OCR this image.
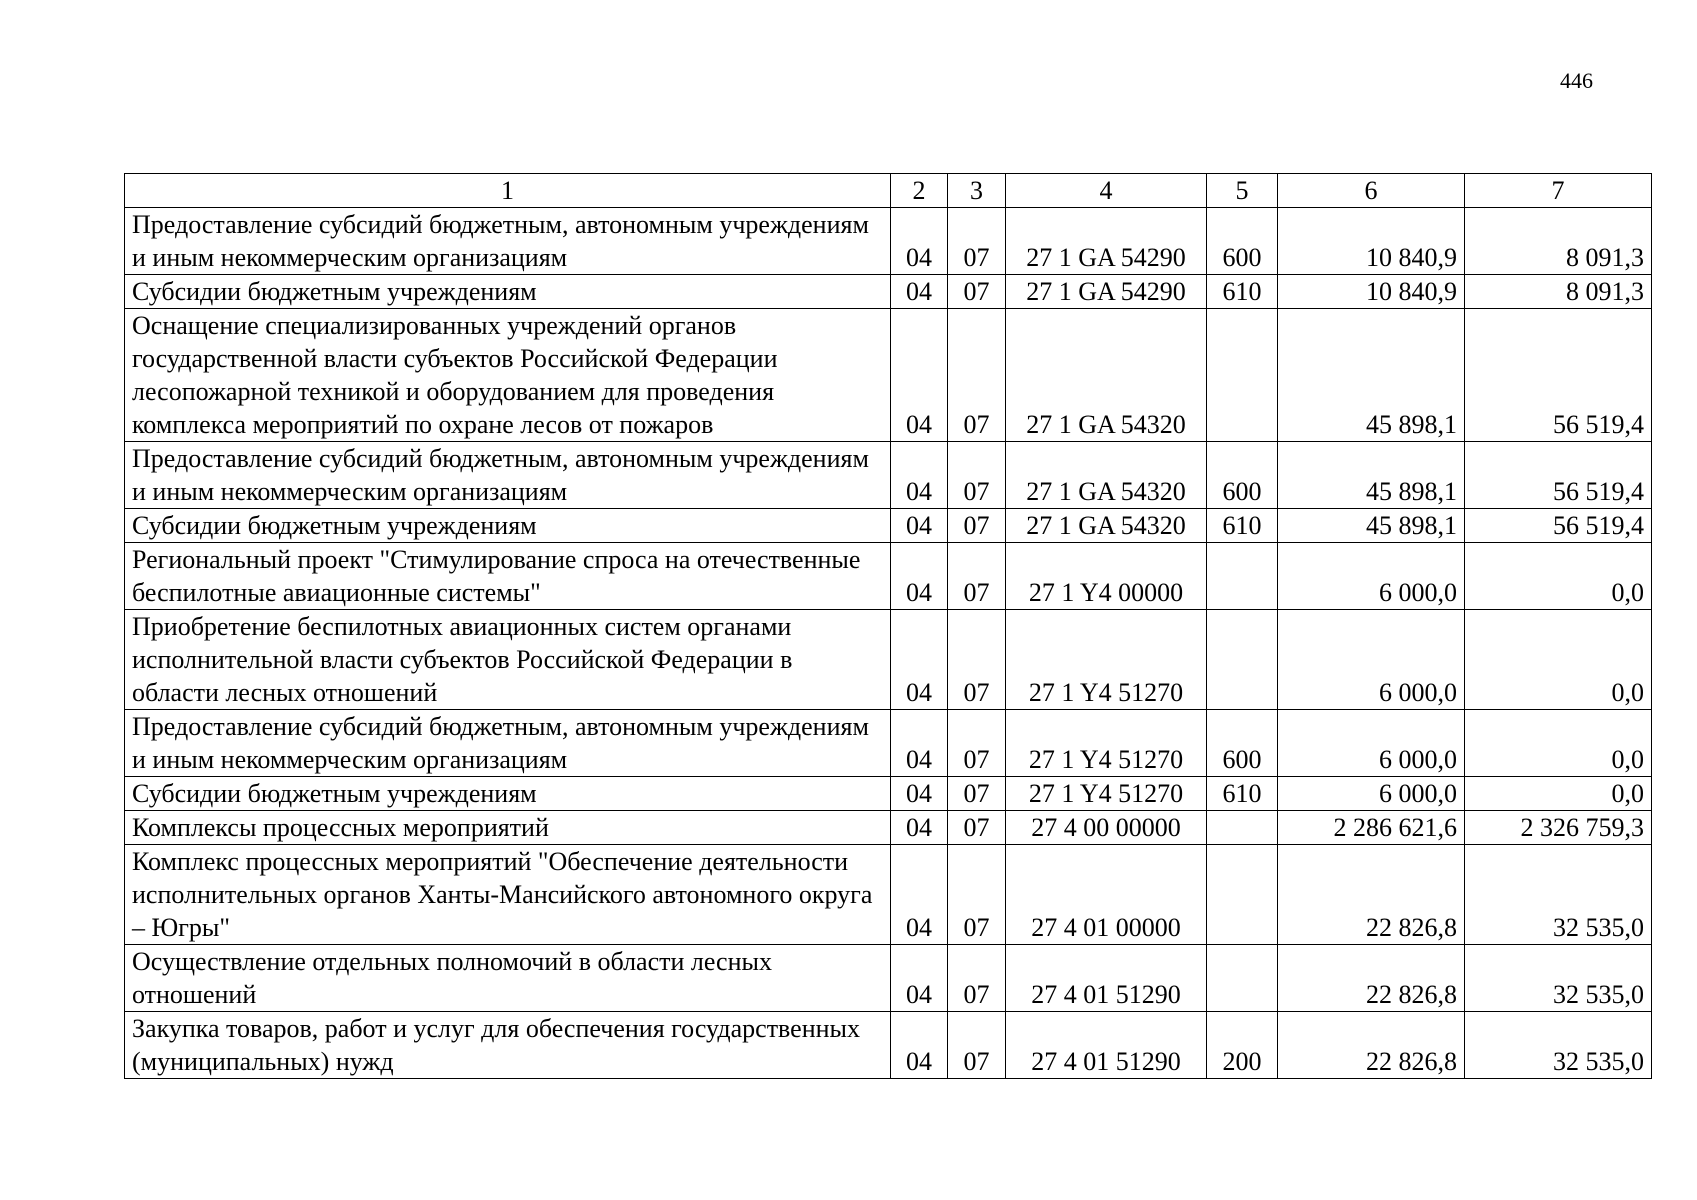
446
1	2	3	4	5	6	7
Предоставление субсидий бюджетным, автономным учреждениям и иным некоммерческим организациям	04	07	27 1 GA 54290	600	10 840,9	8 091,3
Субсидии бюджетным учреждениям	04	07	27 1 GA 54290	610	10 840,9	8 091,3
Оснащение специализированных учреждений органов государственной власти субъектов Российской Федерации лесопожарной техникой и оборудованием для проведения комплекса мероприятий по охране лесов от пожаров	04	07	27 1 GA 54320		45 898,1	56 519,4
Предоставление субсидий бюджетным, автономным учреждениям и иным некоммерческим организациям	04	07	27 1 GA 54320	600	45 898,1	56 519,4
Субсидии бюджетным учреждениям	04	07	27 1 GA 54320	610	45 898,1	56 519,4
Региональный проект "Стимулирование спроса на отечественные беспилотные авиационные системы"	04	07	27 1 Y4 00000		6 000,0	0,0
Приобретение беспилотных авиационных систем органами исполнительной власти субъектов Российской Федерации в области лесных отношений	04	07	27 1 Y4 51270		6 000,0	0,0
Предоставление субсидий бюджетным, автономным учреждениям и иным некоммерческим организациям	04	07	27 1 Y4 51270	600	6 000,0	0,0
Субсидии бюджетным учреждениям	04	07	27 1 Y4 51270	610	6 000,0	0,0
Комплексы процессных мероприятий	04	07	27 4 00 00000		2 286 621,6	2 326 759,3
Комплекс процессных мероприятий "Обеспечение деятельности исполнительных органов Ханты-Мансийского автономного округа – Югры"	04	07	27 4 01 00000		22 826,8	32 535,0
Осуществление отдельных полномочий в области лесных отношений	04	07	27 4 01 51290		22 826,8	32 535,0
Закупка товаров, работ и услуг для обеспечения государственных (муниципальных) нужд	04	07	27 4 01 51290	200	22 826,8	32 535,0
